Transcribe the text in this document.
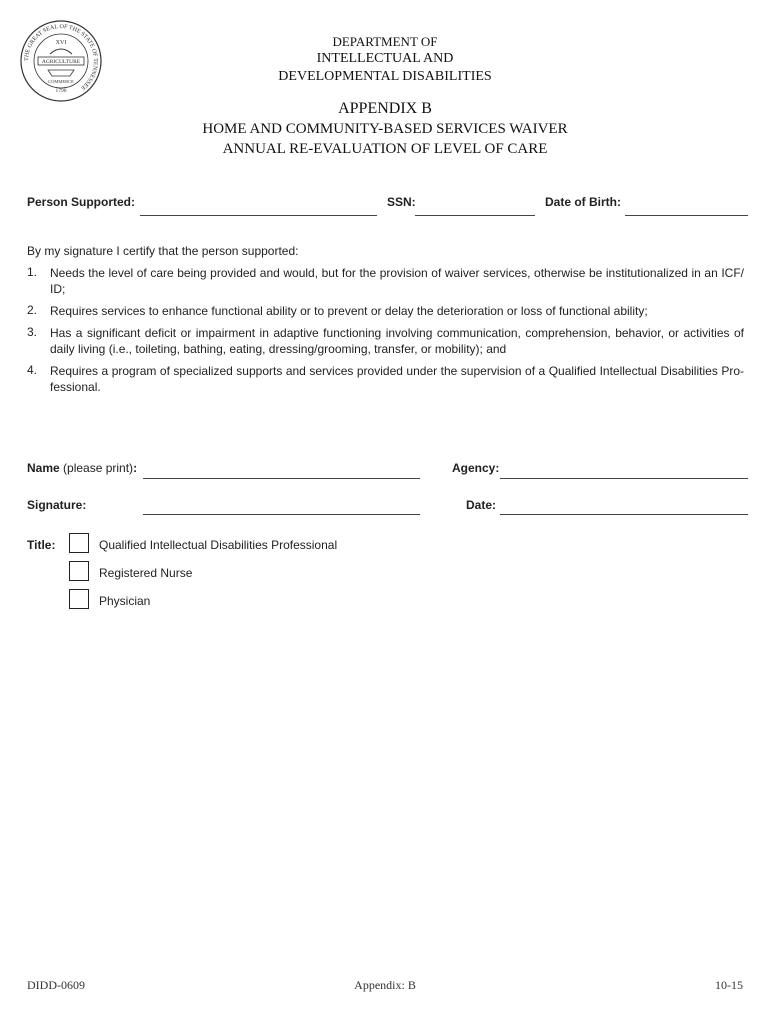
THE GREAT SEAL OF THE STATE OF TENNESSEE
XVI
AGRICULTURE
COMMERCE
1796
DEPARTMENT OF
INTELLECTUAL AND
DEVELOPMENTAL DISABILITIES
APPENDIX B
HOME AND COMMUNITY-BASED SERVICES WAIVER
ANNUAL RE-EVALUATION OF LEVEL OF CARE
Person Supported:	SSN:	Date of Birth:
By my signature I certify that the person supported:
1.	Needs the level of care being provided and would, but for the provision of waiver services, otherwise be institutionalized in an ICF/ ID;
2.	Requires services to enhance functional ability or to prevent or delay the deterioration or loss of functional ability;
3.	Has a significant deficit or impairment in adaptive functioning involving communication, comprehension, behavior, or activities of daily living (i.e., toileting, bathing, eating, dressing/grooming, transfer, or mobility); and
4.	Requires a program of specialized supports and services provided under the supervision of a Qualified Intellectual Disabilities Pro- fessional.
Name (please print):	Agency:
Signature:	Date:
Title:	Qualified Intellectual Disabilities Professional
Registered Nurse
Physician
DIDD-0609	Appendix: B	10-15
